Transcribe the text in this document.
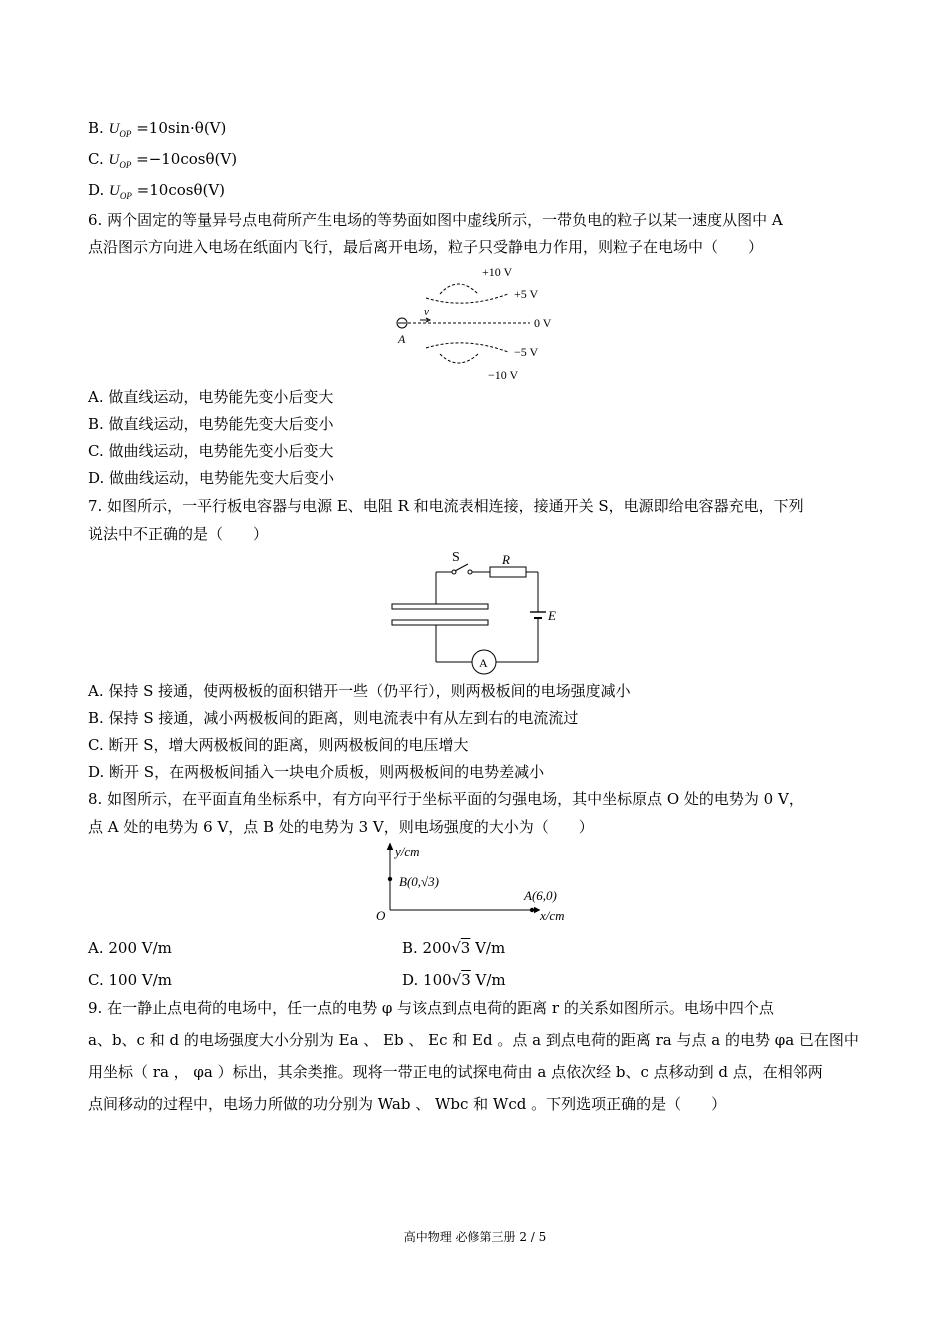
B. $U_{OP} =10\sin\cdot\theta(V)$
C. $U_{OP} =-10\cos\theta(V)$
D. $U_{OP} =10\cos\theta(V)$
6. 两个固定的等量异号点电荷所产生电场的等势面如图中虚线所示，一带负电的粒子以某一速度从图中 A
点沿图示方向进入电场在纸面内飞行，最后离开电场，粒子只受静电力作用，则粒子在电场中（　　）
+10 V
+5 V
0 V
−5 V
−10 V
A
v
A. 做直线运动，电势能先变小后变大
B. 做直线运动，电势能先变大后变小
C. 做曲线运动，电势能先变小后变大
D. 做曲线运动，电势能先变大后变小
7. 如图所示，一平行板电容器与电源 E、电阻 R 和电流表相连接，接通开关 S，电源即给电容器充电，下列
说法中不正确的是（　　）
S	R
E
A
A. 保持 S 接通，使两极板的面积错开一些（仍平行），则两极板间的电场强度减小
B. 保持 S 接通，减小两极板间的距离，则电流表中有从左到右的电流流过
C. 断开 S，增大两极板间的距离，则两极板间的电压增大
D. 断开 S，在两极板间插入一块电介质板，则两极板间的电势差减小
8. 如图所示，在平面直角坐标系中，有方向平行于坐标平面的匀强电场，其中坐标原点 O 处的电势为 0 V，
点 A 处的电势为 6 V，点 B 处的电势为 3 V，则电场强度的大小为（　　）
y/cm
x/cm
O
B(0,√3)
A(6,0)
A. 200 V/m	B. 200√3 V/m
C. 100 V/m	D. 100√3 V/m
9. 在一静止点电荷的电场中，任一点的电势 φ 与该点到点电荷的距离 r 的关系如图所示。电场中四个点
a、b、c 和 d 的电场强度大小分别为 Ea 、 Eb 、 Ec 和 Ed 。点 a 到点电荷的距离 ra 与点 a 的电势 φa 已在图中
用坐标（ ra ， φa ）标出，其余类推。现将一带正电的试探电荷由 a 点依次经 b、c 点移动到 d 点，在相邻两
点间移动的过程中，电场力所做的功分别为 Wab 、 Wbc 和 Wcd 。下列选项正确的是（　　）
高中物理 必修第三册 2 / 5
